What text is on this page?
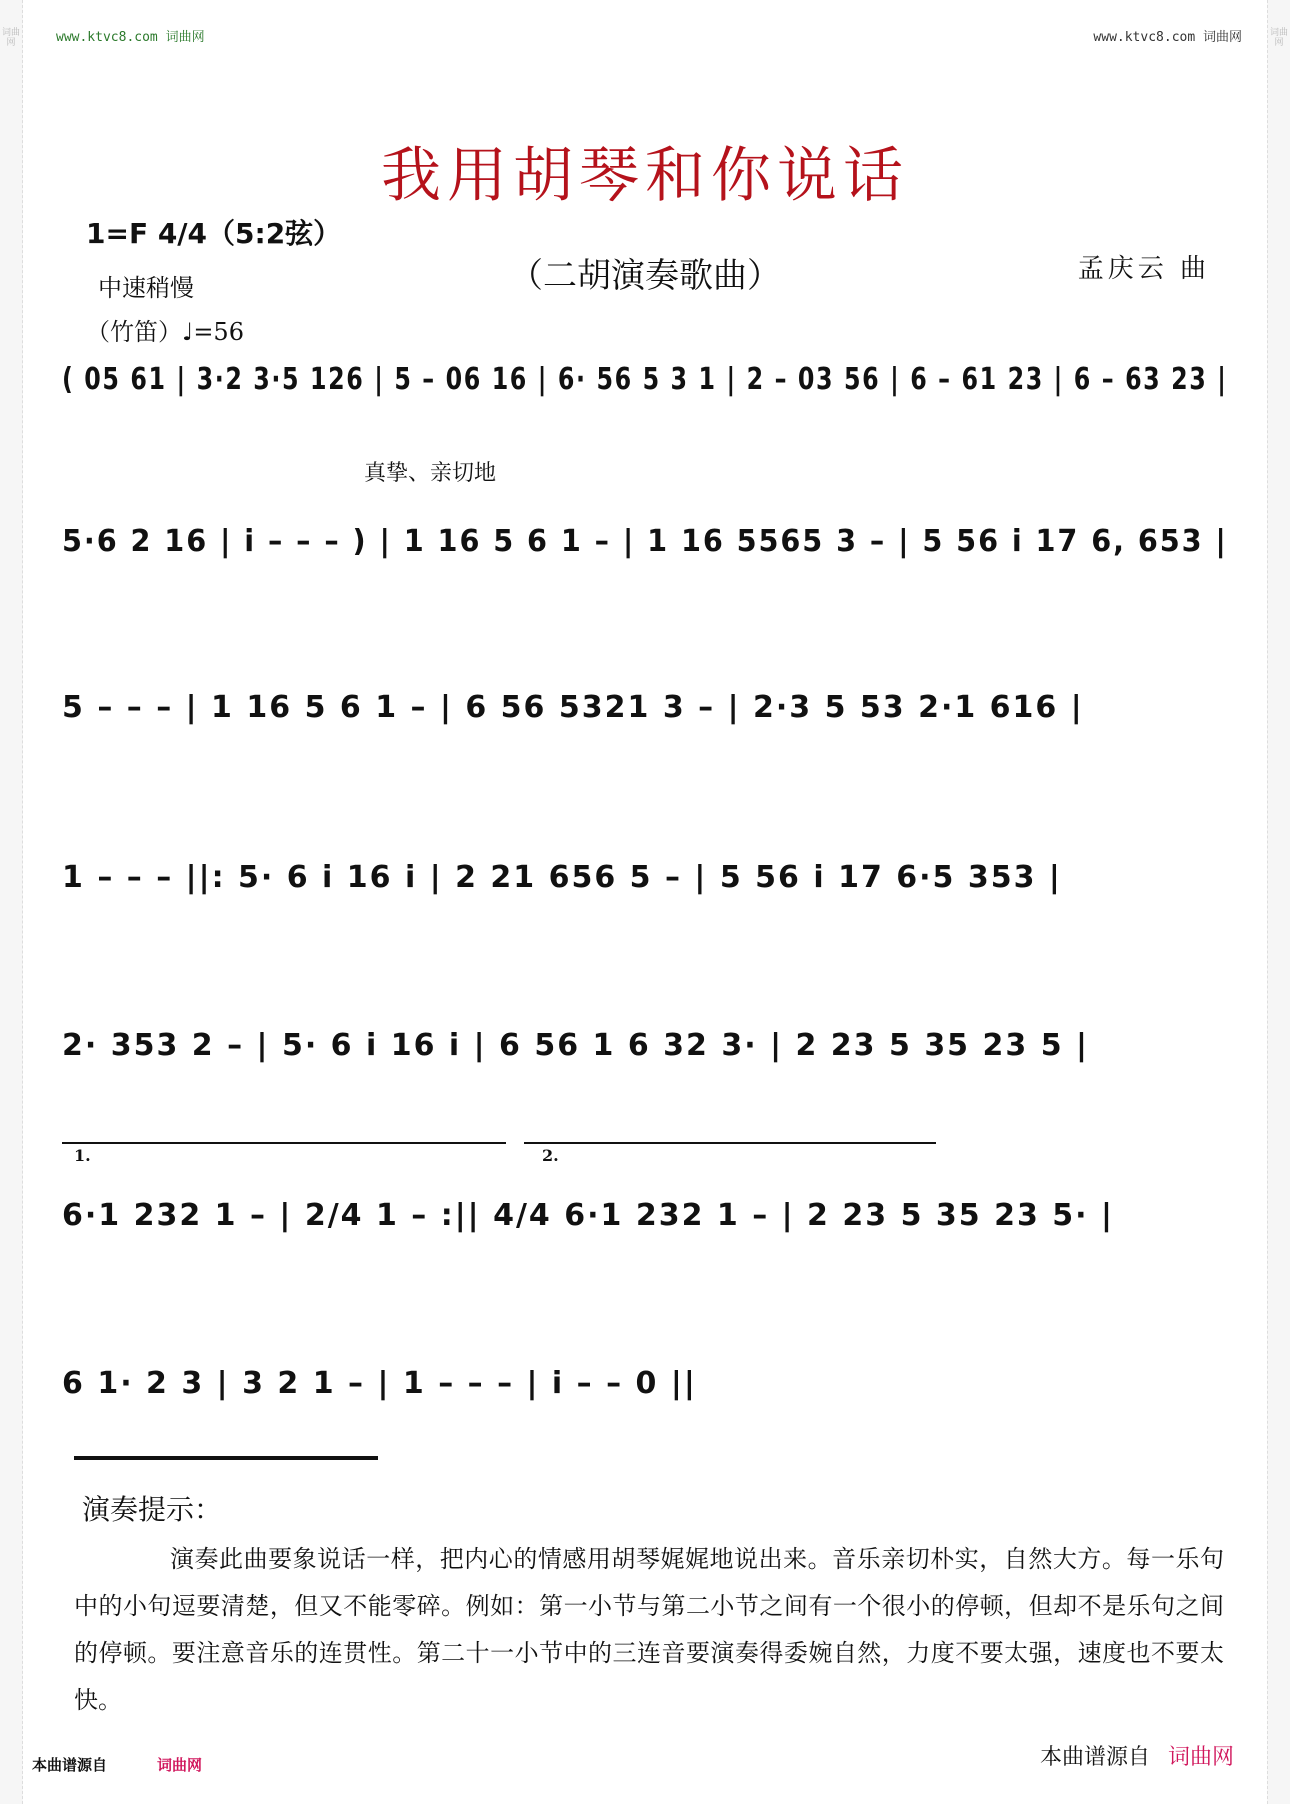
词曲网
词曲网
www.ktvc8.com 词曲网	www.ktvc8.com 词曲网
我用胡琴和你说话
（二胡演奏歌曲）	孟庆云 曲
1=F 4/4（5:2弦）
中速稍慢
（竹笛）♩=56
真挚、亲切地
( 05 61 | 3·2 3·5 126 | 5 – 06 16 | 6· 56 5 3 1 | 2 – 03 56 | 6 – 61 23 | 6 – 63 23 |
5·6 2 16 | i – – – ) | 1 16 5 6 1 – | 1 16 5565 3 – | 5 56 i 17 6, 653 |
5 – – – | 1 16 5 6 1 – | 6 56 5321 3 – | 2·3 5 53 2·1 616 |
1 – – – ||: 5· 6 i 16 i | 2 21 656 5 – | 5 56 i 17 6·5 353 |
2· 353 2 – | 5· 6 i 16 i | 6 56 1 6 32 3· | 2 23 5 35 23 5 |
1.	2.
6·1 232 1 – | 2/4 1 – :|| 4/4 6·1 232 1 – | 2 23 5 35 23 5· |
6 1· 2 3 | 3 2 1 – | 1 – – – | i – – 0 ||
演奏提示：
演奏此曲要象说话一样，把内心的情感用胡琴娓娓地说出来。音乐亲切朴实，自然大方。每一乐句中的小句逗要清楚，但又不能零碎。例如：第一小节与第二小节之间有一个很小的停顿，但却不是乐句之间的停顿。要注意音乐的连贯性。第二十一小节中的三连音要演奏得委婉自然，力度不要太强，速度也不要太快。
本曲谱源自	词曲网	本曲谱源自 词曲网
